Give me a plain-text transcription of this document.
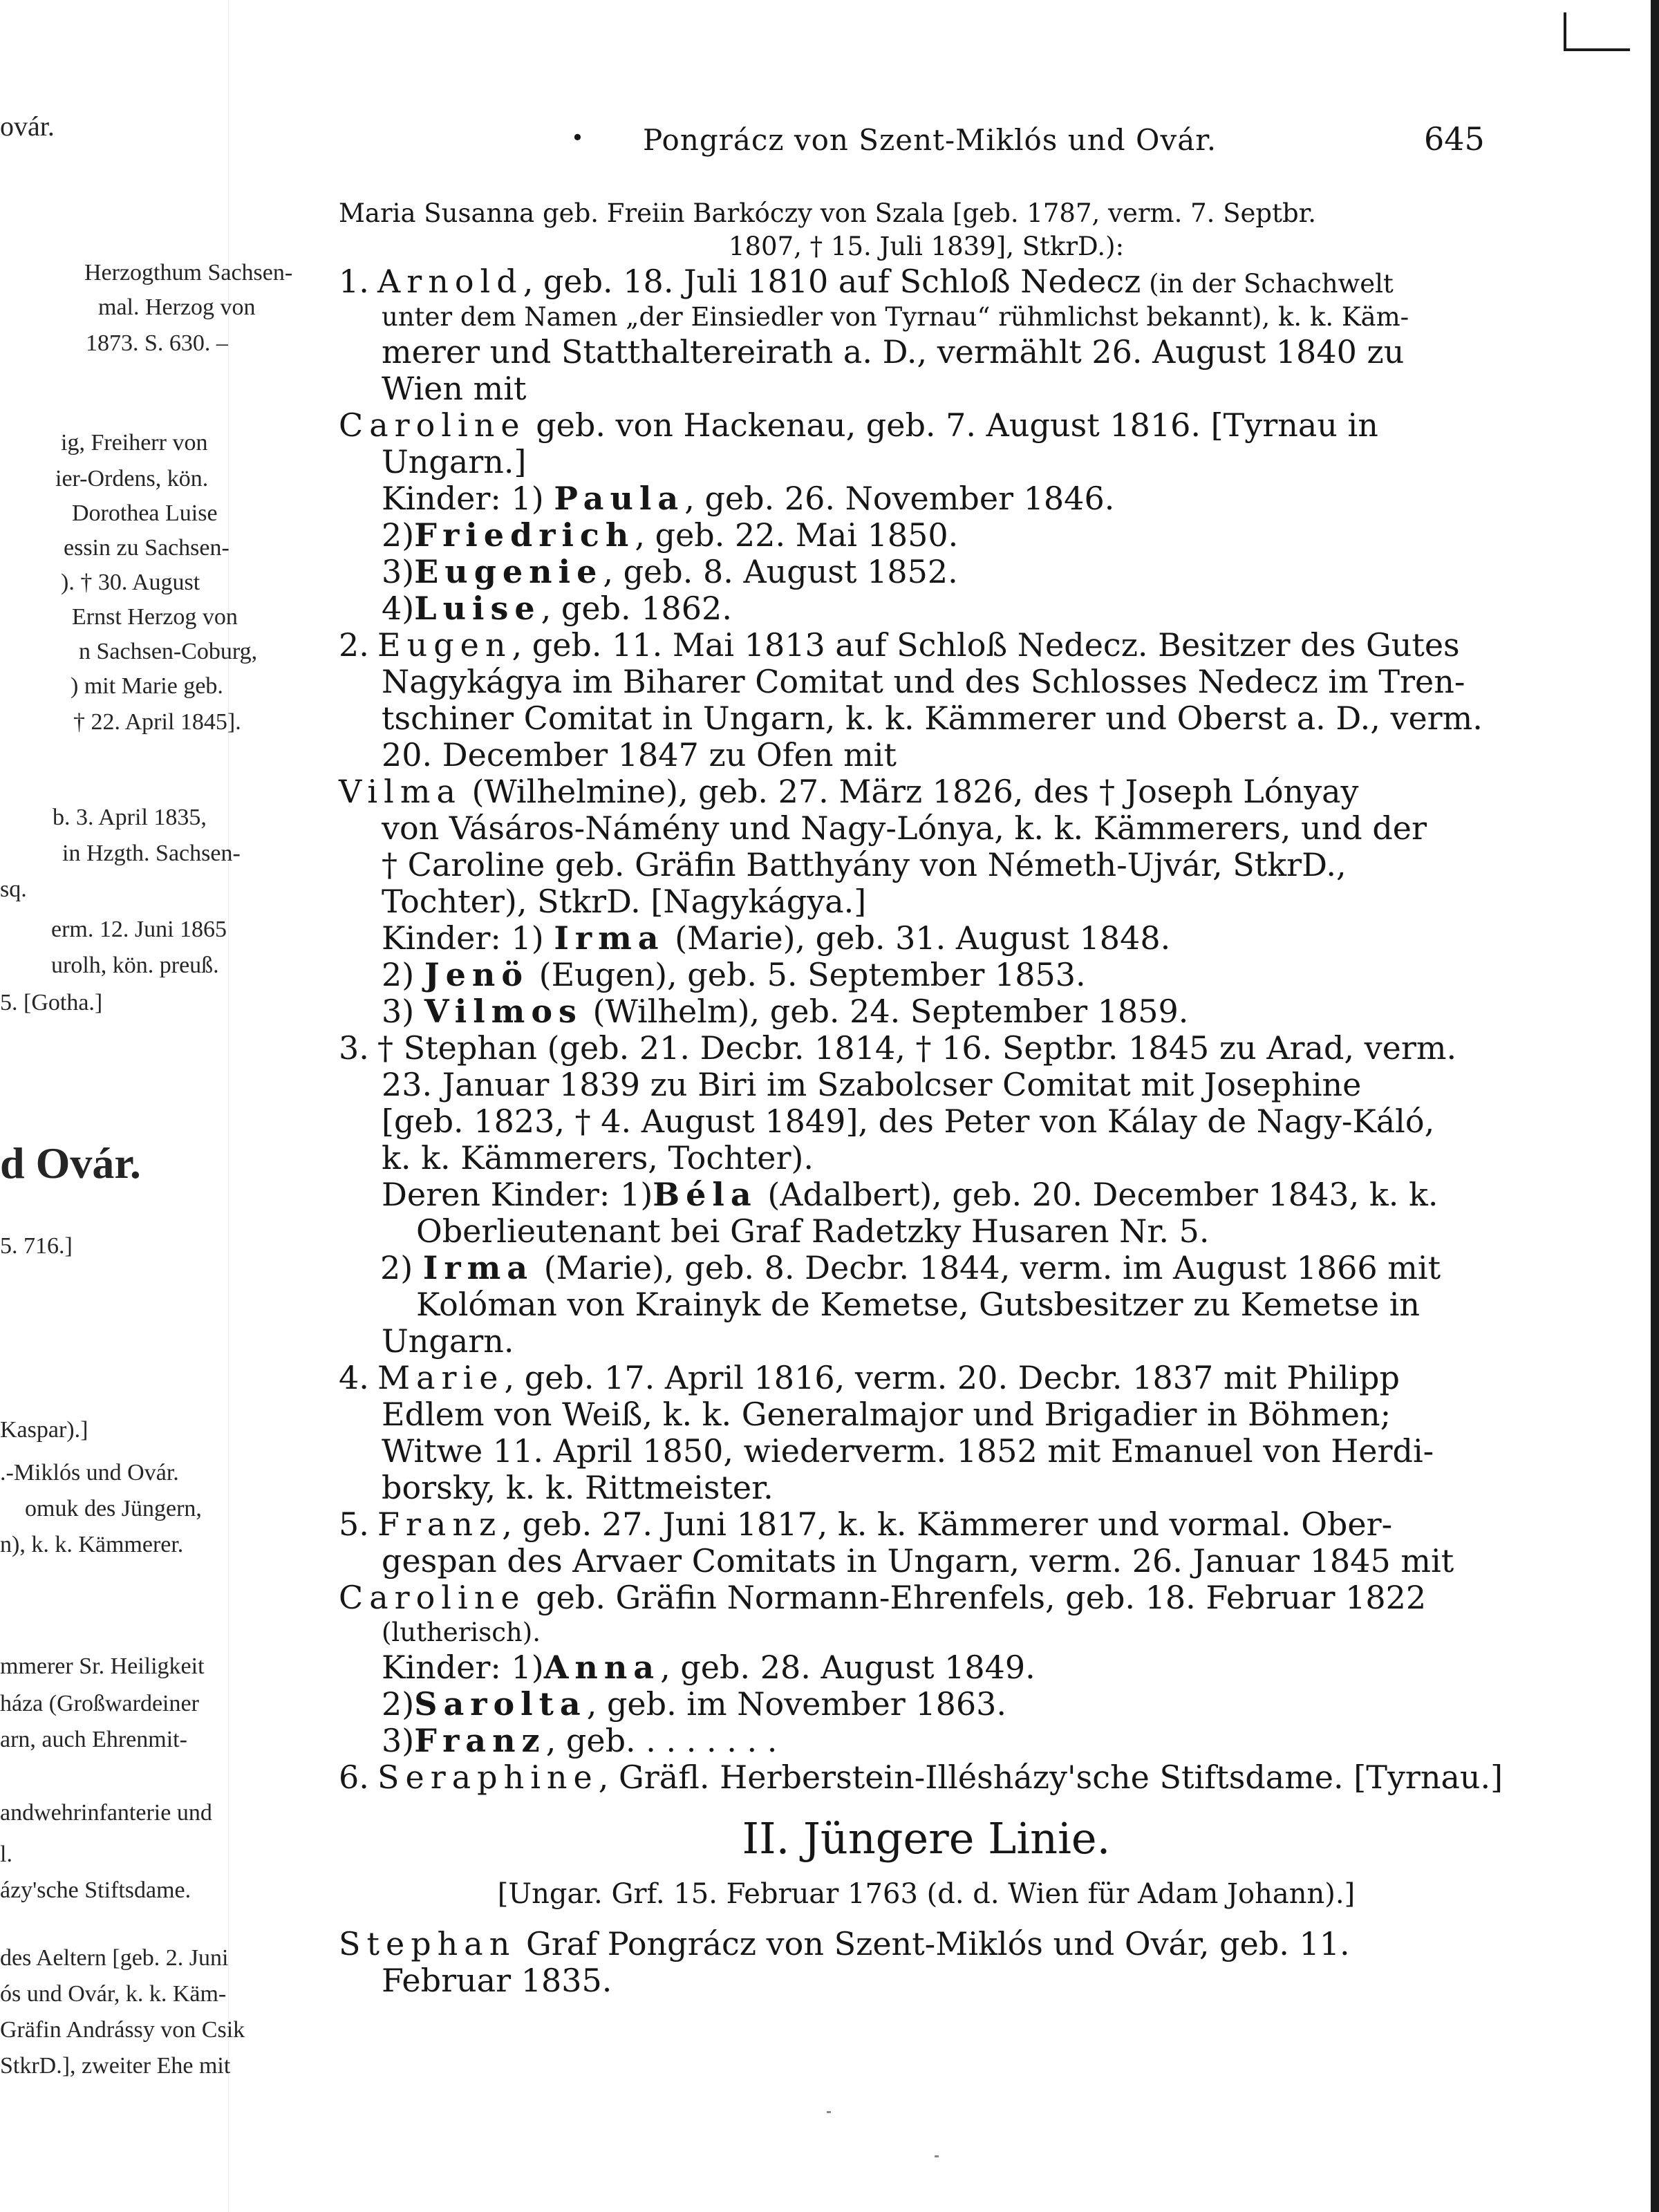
ovár.
Herzogthum Sachsen-
mal. Herzog von
1873. S. 630. –
ig, Freiherr von
ier-Ordens, kön.
Dorothea Luise
essin zu Sachsen-
). † 30. August
Ernst Herzog von
n Sachsen-Coburg,
) mit Marie geb.
† 22. April 1845].
b. 3. April 1835,
in Hzgth. Sachsen-
sq.
erm. 12. Juni 1865
urolh, kön. preuß.
5. [Gotha.]
d Ovár.
5. 716.]
Kaspar).]
.-Miklós und Ovár.
omuk des Jüngern,
n), k. k. Kämmerer.
mmerer Sr. Heiligkeit
háza (Großwardeiner
arn, auch Ehrenmit-
andwehrinfanterie und
l.
ázy'sche Stiftsdame.
des Aeltern [geb. 2. Juni
ós und Ovár, k. k. Käm-
Gräfin Andrássy von Csik
StkrD.], zweiter Ehe mit
• Pongrácz von Szent-Miklós und Ovár.	645
Maria Susanna geb. Freiin Barkóczy von Szala [geb. 1787, verm. 7. Septbr.
1807, † 15. Juli 1839], StkrD.):
1. Arnold, geb. 18. Juli 1810 auf Schloß Nedecz (in der Schachwelt
unter dem Namen „der Einsiedler von Tyrnau“ rühmlichst bekannt), k. k. Käm-
merer und Statthaltereirath a. D., vermählt 26. August 1840 zu
Wien mit
Caroline geb. von Hackenau, geb. 7. August 1816. [Tyrnau in
Ungarn.]
Kinder: 1) Paula, geb. 26. November 1846.
2)Friedrich, geb. 22. Mai 1850.
3)Eugenie, geb. 8. August 1852.
4)Luise, geb. 1862.
2. Eugen, geb. 11. Mai 1813 auf Schloß Nedecz. Besitzer des Gutes
Nagykágya im Biharer Comitat und des Schlosses Nedecz im Tren-
tschiner Comitat in Ungarn, k. k. Kämmerer und Oberst a. D., verm.
20. December 1847 zu Ofen mit
Vilma (Wilhelmine), geb. 27. März 1826, des † Joseph Lónyay
von Vásáros-Námény und Nagy-Lónya, k. k. Kämmerers, und der
† Caroline geb. Gräfin Batthyány von Németh-Ujvár, StkrD.,
Tochter), StkrD. [Nagykágya.]
Kinder: 1) Irma (Marie), geb. 31. August 1848.
2) Jenö (Eugen), geb. 5. September 1853.
3) Vilmos (Wilhelm), geb. 24. September 1859.
3. † Stephan (geb. 21. Decbr. 1814, † 16. Septbr. 1845 zu Arad, verm.
23. Januar 1839 zu Biri im Szabolcser Comitat mit Josephine
[geb. 1823, † 4. August 1849], des Peter von Kálay de Nagy-Káló,
k. k. Kämmerers, Tochter).
Deren Kinder: 1)Béla (Adalbert), geb. 20. December 1843, k. k.
Oberlieutenant bei Graf Radetzky Husaren Nr. 5.
2) Irma (Marie), geb. 8. Decbr. 1844, verm. im August 1866 mit
Kolóman von Krainyk de Kemetse, Gutsbesitzer zu Kemetse in
Ungarn.
4. Marie, geb. 17. April 1816, verm. 20. Decbr. 1837 mit Philipp
Edlem von Weiß, k. k. Generalmajor und Brigadier in Böhmen;
Witwe 11. April 1850, wiederverm. 1852 mit Emanuel von Herdi-
borsky, k. k. Rittmeister.
5. Franz, geb. 27. Juni 1817, k. k. Kämmerer und vormal. Ober-
gespan des Arvaer Comitats in Ungarn, verm. 26. Januar 1845 mit
Caroline geb. Gräfin Normann-Ehrenfels, geb. 18. Februar 1822
(lutherisch).
Kinder: 1)Anna, geb. 28. August 1849.
2)Sarolta, geb. im November 1863.
3)Franz, geb. . . . . . . .
6. Seraphine, Gräfl. Herberstein-Illésházy'sche Stiftsdame. [Tyrnau.]
II. Jüngere Linie.
[Ungar. Grf. 15. Februar 1763 (d. d. Wien für Adam Johann).]
Stephan Graf Pongrácz von Szent-Miklós und Ovár, geb. 11.
Februar 1835.
